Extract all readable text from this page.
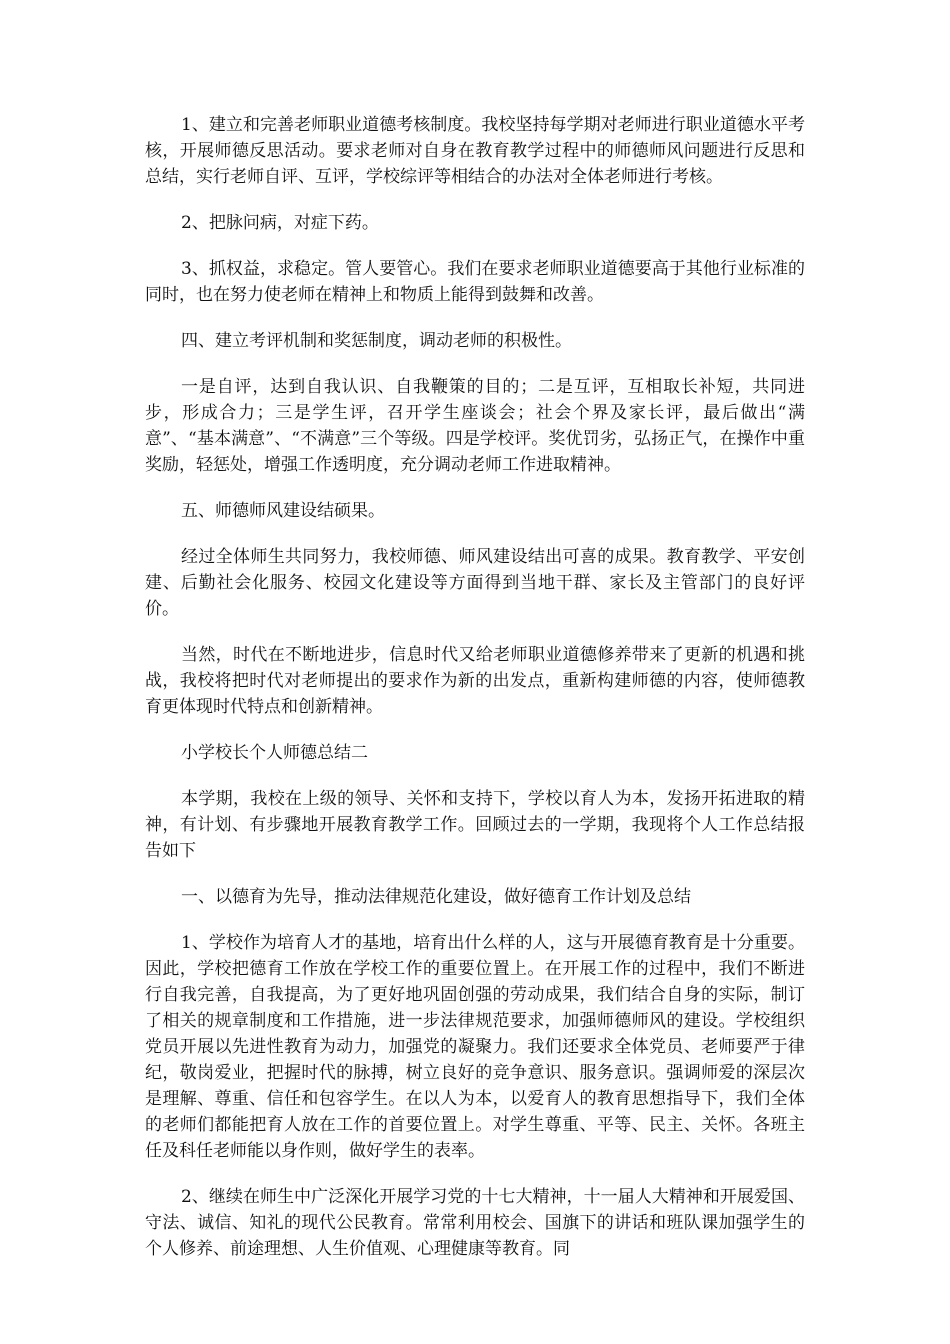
1、建立和完善老师职业道德考核制度。我校坚持每学期对老师进行职业道德水平考核，开展师德反思活动。要求老师对自身在教育教学过程中的师德师风问题进行反思和总结，实行老师自评、互评，学校综评等相结合的办法对全体老师进行考核。

2、把脉问病，对症下药。

3、抓权益，求稳定。管人要管心。我们在要求老师职业道德要高于其他行业标准的同时，也在努力使老师在精神上和物质上能得到鼓舞和改善。

四、建立考评机制和奖惩制度，调动老师的积极性。

一是自评，达到自我认识、自我鞭策的目的；二是互评，互相取长补短，共同进步，形成合力；三是学生评，召开学生座谈会；社会个界及家长评，最后做出“满意”、“基本满意”、“不满意”三个等级。四是学校评。奖优罚劣，弘扬正气，在操作中重奖励，轻惩处，增强工作透明度，充分调动老师工作进取精神。

五、师德师风建设结硕果。

经过全体师生共同努力，我校师德、师风建设结出可喜的成果。教育教学、平安创建、后勤社会化服务、校园文化建设等方面得到当地干群、家长及主管部门的良好评价。

当然，时代在不断地进步，信息时代又给老师职业道德修养带来了更新的机遇和挑战，我校将把时代对老师提出的要求作为新的出发点，重新构建师德的内容，使师德教育更体现时代特点和创新精神。

小学校长个人师德总结二

本学期，我校在上级的领导、关怀和支持下，学校以育人为本，发扬开拓进取的精神，有计划、有步骤地开展教育教学工作。回顾过去的一学期，我现将个人工作总结报告如下

一、以德育为先导，推动法律规范化建设，做好德育工作计划及总结

1、学校作为培育人才的基地，培育出什么样的人，这与开展德育教育是十分重要。因此，学校把德育工作放在学校工作的重要位置上。在开展工作的过程中，我们不断进行自我完善，自我提高，为了更好地巩固创强的劳动成果，我们结合自身的实际，制订了相关的规章制度和工作措施，进一步法律规范要求，加强师德师风的建设。学校组织党员开展以先进性教育为动力，加强党的凝聚力。我们还要求全体党员、老师要严于律纪，敬岗爱业，把握时代的脉搏，树立良好的竞争意识、服务意识。强调师爱的深层次是理解、尊重、信任和包容学生。在以人为本，以爱育人的教育思想指导下，我们全体的老师们都能把育人放在工作的首要位置上。对学生尊重、平等、民主、关怀。各班主任及科任老师能以身作则，做好学生的表率。

2、继续在师生中广泛深化开展学习党的十七大精神，十一届人大精神和开展爱国、守法、诚信、知礼的现代公民教育。常常利用校会、国旗下的讲话和班队课加强学生的个人修养、前途理想、人生价值观、心理健康等教育。同
